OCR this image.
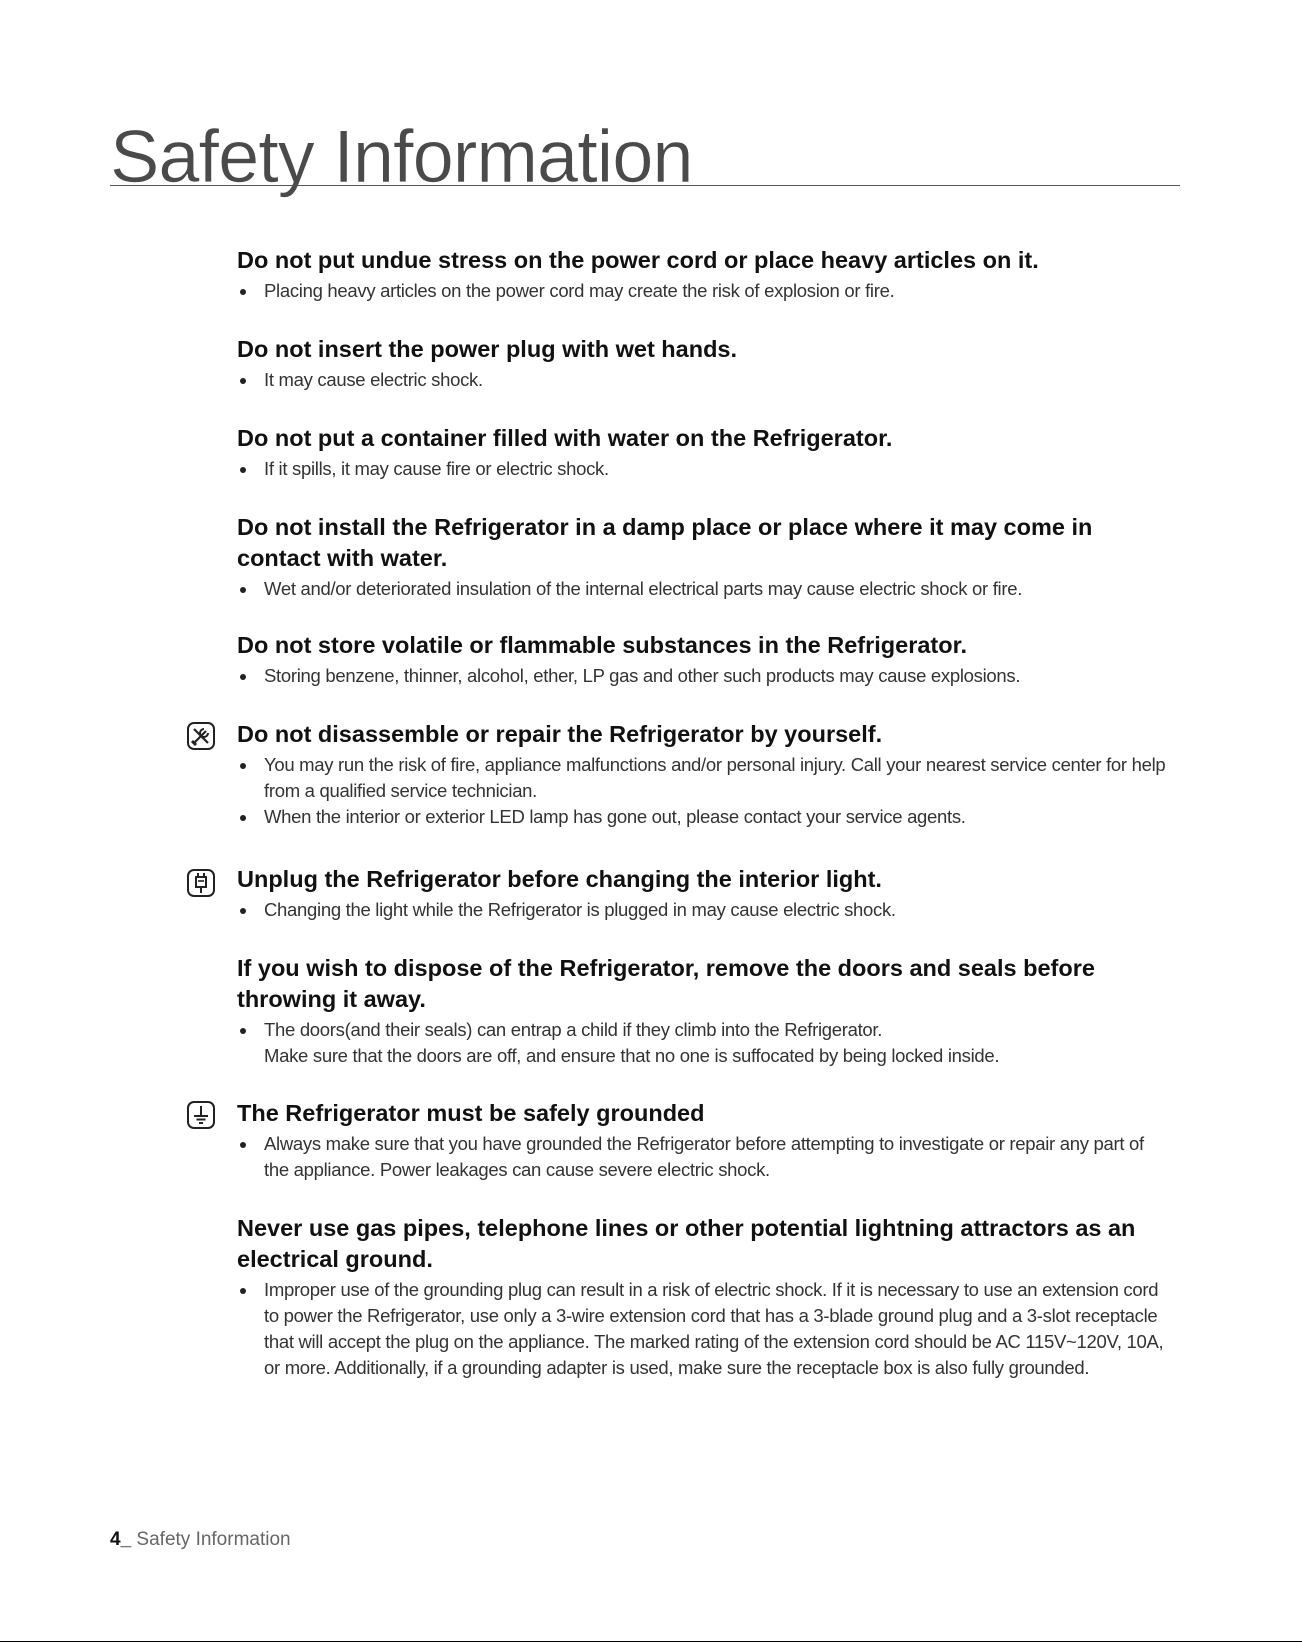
Safety Information
Do not put undue stress on the power cord or place heavy articles on it.
Placing heavy articles on the power cord may create the risk of explosion or fire.
Do not insert the power plug with wet hands.
It may cause electric shock.
Do not put a container filled with water on the Refrigerator.
If it spills, it may cause fire or electric shock.
Do not install the Refrigerator in a damp place or place where it may come in contact with water.
Wet and/or deteriorated insulation of the internal electrical parts may cause electric shock or fire.
Do not store volatile or flammable substances in the Refrigerator.
Storing benzene, thinner, alcohol, ether, LP gas and other such products may cause explosions.
Do not disassemble or repair the Refrigerator by yourself.
You may run the risk of fire, appliance malfunctions and/or personal injury. Call your nearest service center for help from a qualified service technician.
When the interior or exterior LED lamp has gone out, please contact your service agents.
Unplug the Refrigerator before changing the interior light.
Changing the light while the Refrigerator is plugged in may cause electric shock.
If you wish to dispose of the Refrigerator, remove the doors and seals before throwing it away.
The doors(and their seals) can entrap a child if they climb into the Refrigerator.
Make sure that the doors are off, and ensure that no one is suffocated by being locked inside.
The Refrigerator must be safely grounded
Always make sure that you have grounded the Refrigerator before attempting to investigate or repair any part of the appliance. Power leakages can cause severe electric shock.
Never use gas pipes, telephone lines or other potential lightning attractors as an electrical ground.
Improper use of the grounding plug can result in a risk of electric shock. If it is necessary to use an extension cord to power the Refrigerator, use only a 3-wire extension cord that has a 3-blade ground plug and a 3-slot receptacle that will accept the plug on the appliance. The marked rating of the extension cord should be AC 115V~120V, 10A, or more. Additionally, if a grounding adapter is used, make sure the receptacle box is also fully grounded.
4_ Safety Information
